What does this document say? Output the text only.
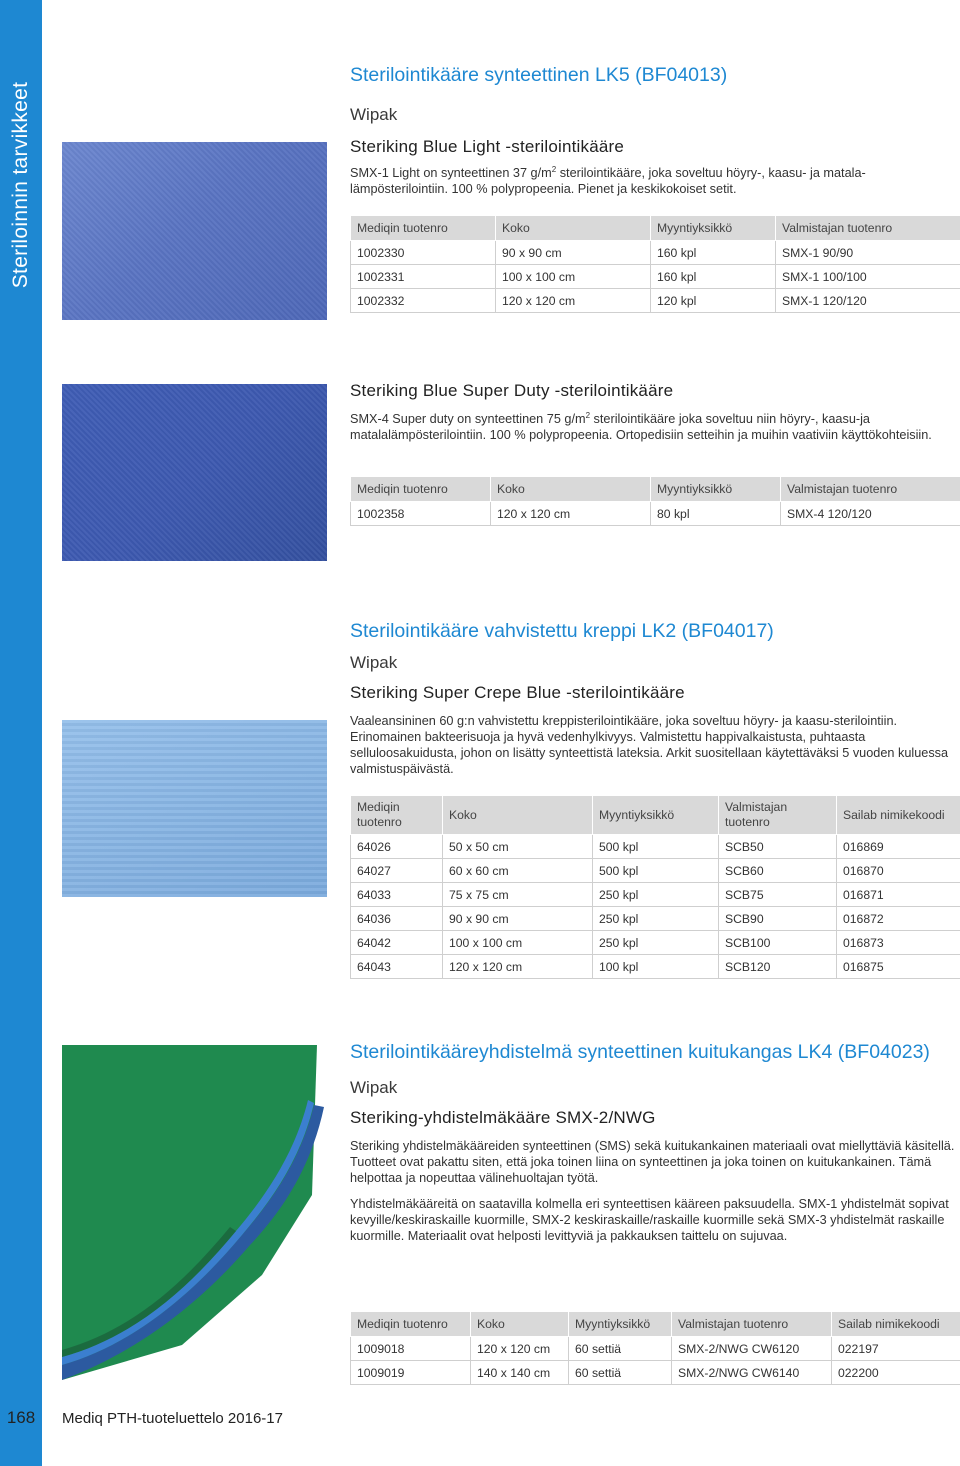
Steriloinnin tarvikkeet
Sterilointikääre synteettinen LK5 (BF04013)
Wipak
Steriking Blue Light -sterilointikääre

SMX-1 Light on synteettinen 37 $g/m^2$ sterilointikääre, joka soveltuu höyry-, kaasu- ja matala-lämpösterilointiin. 100 % polypropeenia. Pienet ja keskikokoiset setit.

Mediqin tuotenro	Koko	Myyntiyksikkö	Valmistajan tuotenro
1002330	90 x 90 cm	160 kpl	SMX-1 90/90
1002331	100 x 100 cm	160 kpl	SMX-1 100/100
1002332	120 x 120 cm	120 kpl	SMX-1 120/120
Steriking Blue Super Duty -sterilointikääre

SMX-4 Super duty on synteettinen 75 $g/m^2$ sterilointikääre joka soveltuu niin höyry-, kaasu-ja matalalämpösterilointiin. 100 % polypropeenia. Ortopedisiin setteihin ja muihin vaativiin käyttökohteisiin.

Mediqin tuotenro	Koko	Myyntiyksikkö	Valmistajan tuotenro
1002358	120 x 120 cm	80 kpl	SMX-4 120/120
Sterilointikääre vahvistettu kreppi LK2 (BF04017)
Wipak
Steriking Super Crepe Blue -sterilointikääre

Vaaleansininen 60 g:n vahvistettu kreppisterilointikääre, joka soveltuu höyry- ja kaasu-sterilointiin. Erinomainen bakteerisuoja ja hyvä vedenhylkivyys. Valmistettu happivalkaistusta, puhtaasta selluloosakuidusta, johon on lisätty synteettistä lateksia. Arkit suositellaan käytettäväksi 5 vuoden kuluessa valmistuspäivästä.

Mediqin tuotenro	Koko	Myyntiyksikkö	Valmistajan tuotenro	Sailab nimikekoodi
64026	50 x 50 cm	500 kpl	SCB50	016869
64027	60 x 60 cm	500 kpl	SCB60	016870
64033	75 x 75 cm	250 kpl	SCB75	016871
64036	90 x 90 cm	250 kpl	SCB90	016872
64042	100 x 100 cm	250 kpl	SCB100	016873
64043	120 x 120 cm	100 kpl	SCB120	016875
Sterilointikääreyhdistelmä synteettinen kuitukangas LK4 (BF04023)
Wipak
Steriking-yhdistelmäkääre SMX-2/NWG

Steriking yhdistelmäkääreiden synteettinen (SMS) sekä kuitukankainen materiaali ovat miellyttäviä käsitellä. Tuotteet ovat pakattu siten, että joka toinen liina on synteettinen ja joka toinen on kuitukankainen. Tämä helpottaa ja nopeuttaa välinehuoltajan työtä.

Yhdistelmäkääreitä on saatavilla kolmella eri synteettisen kääreen paksuudella. SMX-1 yhdistelmät sopivat kevyille/keskiraskaille kuormille, SMX-2 keskiraskaille/raskaille kuormille sekä SMX-3 yhdistelmät raskaille kuormille. Materiaalit ovat helposti levittyviä ja pakkauksen taittelu on sujuvaa.

Mediqin tuotenro	Koko	Myyntiyksikkö	Valmistajan tuotenro	Sailab nimikekoodi
1009018	120 x 120 cm	60 settiä	SMX-2/NWG CW6120	022197
1009019	140 x 140 cm	60 settiä	SMX-2/NWG CW6140	022200
168	Mediq PTH-tuoteluettelo 2016-17
